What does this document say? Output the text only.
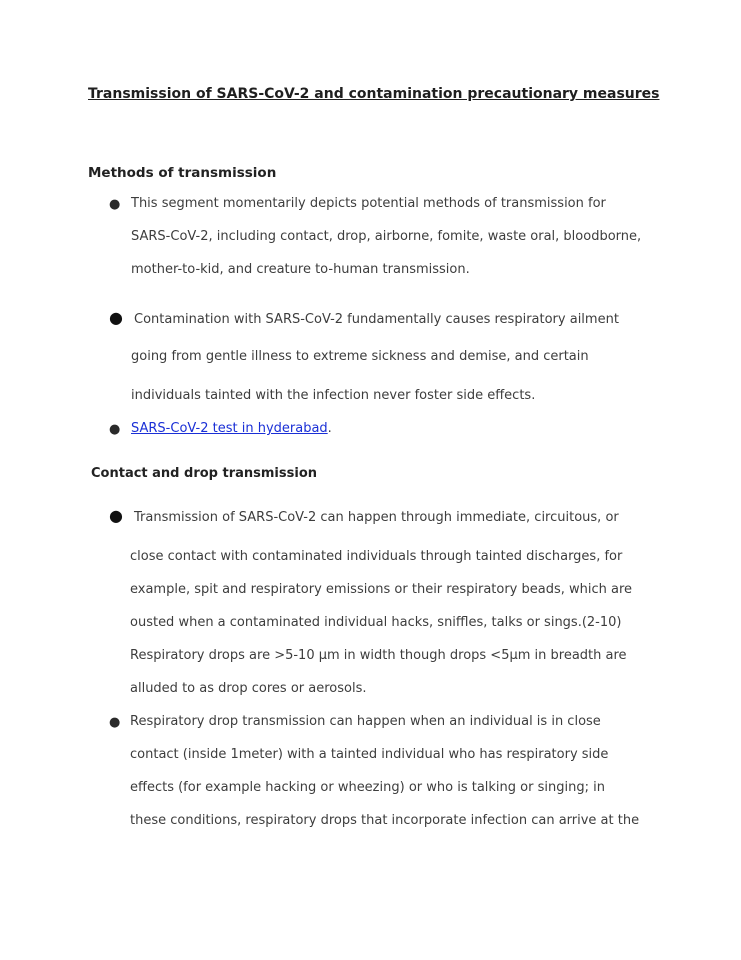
Transmission of SARS-CoV-2 and contamination precautionary measures
Methods of transmission
● This segment momentarily depicts potential methods of transmission for

SARS-CoV-2, including contact, drop, airborne, fomite, waste oral, bloodborne,

mother-to-kid, and creature to-human transmission.

● Contamination with SARS-CoV-2 fundamentally causes respiratory ailment

going from gentle illness to extreme sickness and demise, and certain

individuals tainted with the infection never foster side effects.

● SARS-CoV-2 test in hyderabad.

Contact and drop transmission
● Transmission of SARS-CoV-2 can happen through immediate, circuitous, or

close contact with contaminated individuals through tainted discharges, for

example, spit and respiratory emissions or their respiratory beads, which are

ousted when a contaminated individual hacks, sniffles, talks or sings.(2-10)

Respiratory drops are >5-10 µm in width though drops <5µm in breadth are

alluded to as drop cores or aerosols.

● Respiratory drop transmission can happen when an individual is in close

contact (inside 1meter) with a tainted individual who has respiratory side

effects (for example hacking or wheezing) or who is talking or singing; in

these conditions, respiratory drops that incorporate infection can arrive at the
